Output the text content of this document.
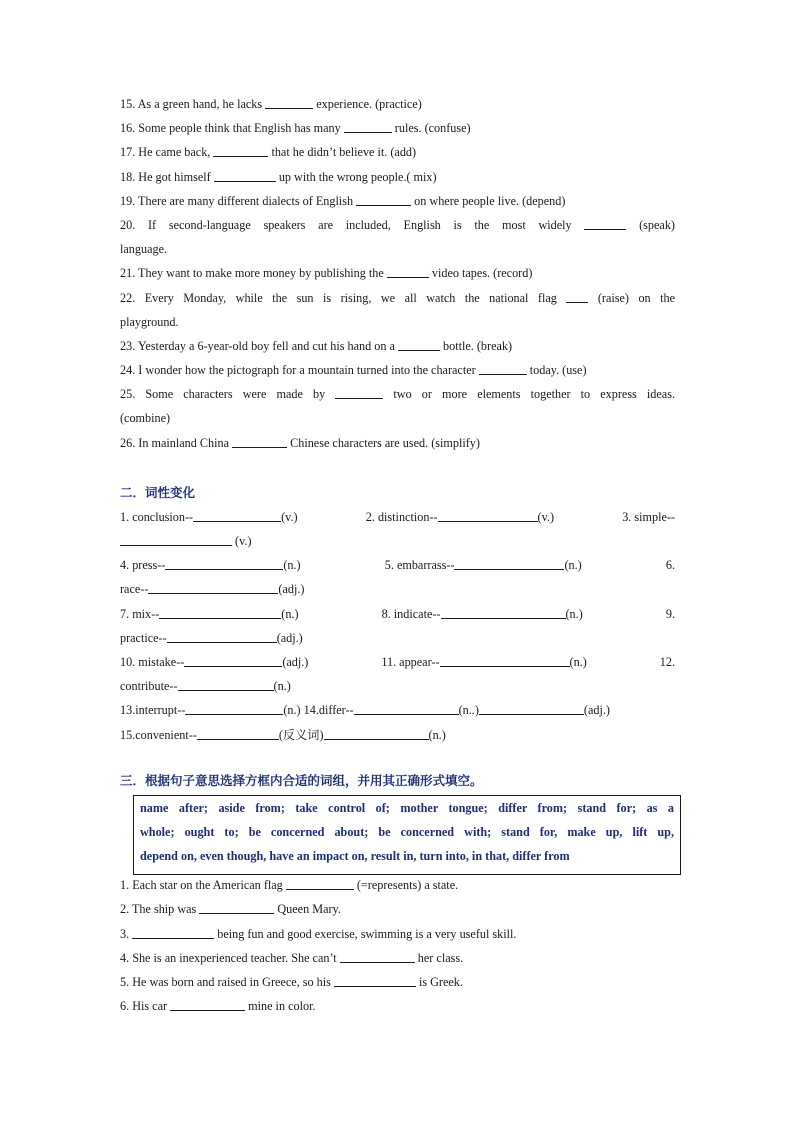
15. As a green hand, he lacks	experience. (practice)
16. Some people think that English has many	rules. (confuse)
17. He came back,	that he didn’t believe it. (add)
18. He got himself	up with the wrong people.( mix)
19. There are many different dialects of English	on where people live. (depend)
20. If second-language speakers are included, English is the most widely	(speak)
language.
21. They want to make more money by publishing the	video tapes. (record)
22. Every Monday, while the sun is rising, we all watch the national flag  (raise) on the
playground.
23. Yesterday a 6-year-old boy fell and cut his hand on a	bottle. (break)
24. I wonder how the pictograph for a mountain turned into the character	today. (use)
25. Some characters were made by	two or more elements together to express ideas.
(combine)
26. In mainland China	Chinese characters are used. (simplify)
二．词性变化
1. conclusion--	(v.)	2. distinction--	(v.)	3. simple--
(v.)
4. press--	(n.)	5. embarrass--	(n.)	6.
race--	(adj.)
7. mix--	(n.)	8. indicate--	(n.)	9.
practice--	(adj.)
10. mistake--	(adj.)	11. appear--	(n.)	12.
contribute--	(n.)
13.interrupt--	(n.) 14.differ--	(n..)	(adj.)
15.convenient--	(反义词)	(n.)
三．根据句子意思选择方框内合适的词组，并用其正确形式填空。
name after; aside from; take control of; mother tongue; differ from; stand for; as a
whole; ought to; be concerned about; be concerned with; stand for, make up, lift up,
depend on, even though, have an impact on, result in, turn into, in that, differ from
1. Each star on the American flag	(=represents) a state.
2. The ship was	Queen Mary.
3.	being fun and good exercise, swimming is a very useful skill.
4. She is an inexperienced teacher. She can’t	her class.
5. He was born and raised in Greece, so his	is Greek.
6. His car	mine in color.
